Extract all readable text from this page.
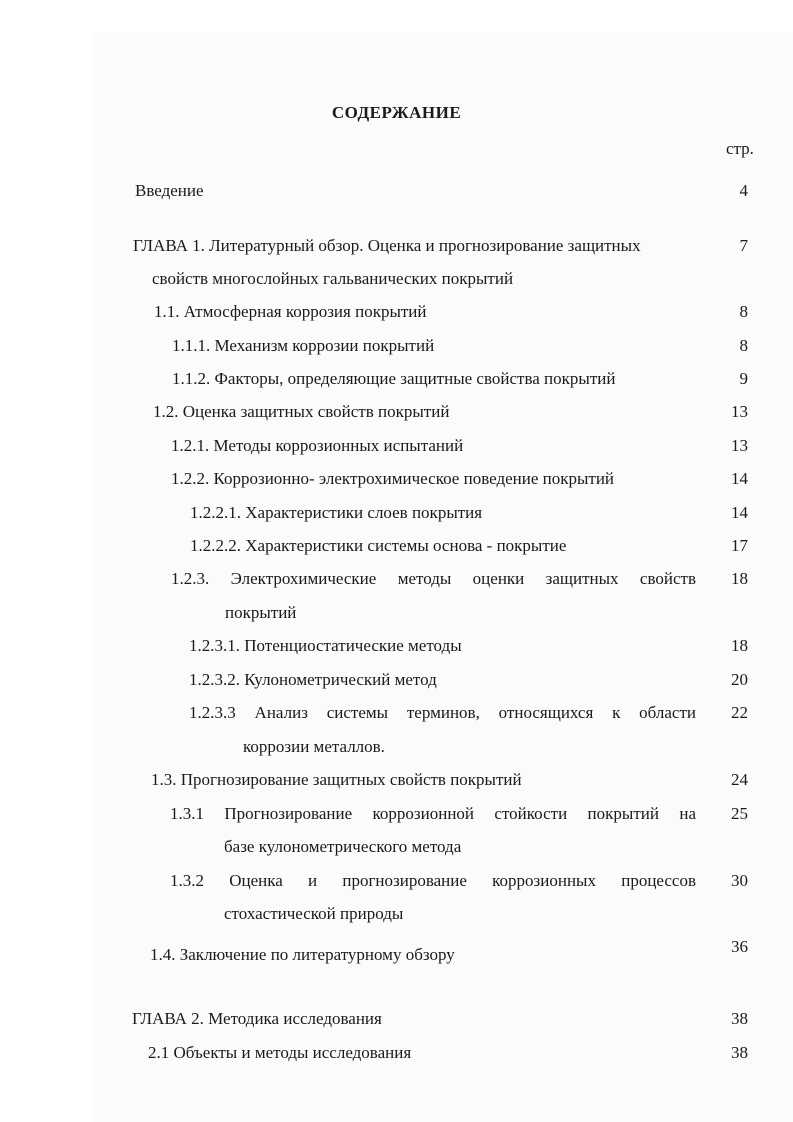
СОДЕРЖАНИЕ
стр.
Введение	4
ГЛАВА 1. Литературный обзор. Оценка и прогнозирование защитных	7
свойств многослойных гальванических покрытий
1.1. Атмосферная коррозия покрытий	8
1.1.1. Механизм коррозии покрытий	8
1.1.2. Факторы, определяющие защитные свойства покрытий	9
1.2. Оценка защитных свойств покрытий	13
1.2.1. Методы коррозионных испытаний	13
1.2.2. Коррозионно- электрохимическое поведение покрытий	14
1.2.2.1. Характеристики слоев покрытия	14
1.2.2.2. Характеристики системы основа - покрытие	17
1.2.3. Электрохимические методы оценки защитных свойств	18
покрытий
1.2.3.1. Потенциостатические методы	18
1.2.3.2. Кулонометрический метод	20
1.2.3.3 Анализ системы терминов, относящихся к области	22
коррозии металлов.
1.3. Прогнозирование защитных свойств покрытий	24
1.3.1 Прогнозирование коррозионной стойкости покрытий на	25
базе кулонометрического метода
1.3.2 Оценка и прогнозирование коррозионных процессов	30
стохастической природы
1.4. Заключение по литературному обзору	36
ГЛАВА 2. Методика исследования	38
2.1 Объекты и методы исследования	38
